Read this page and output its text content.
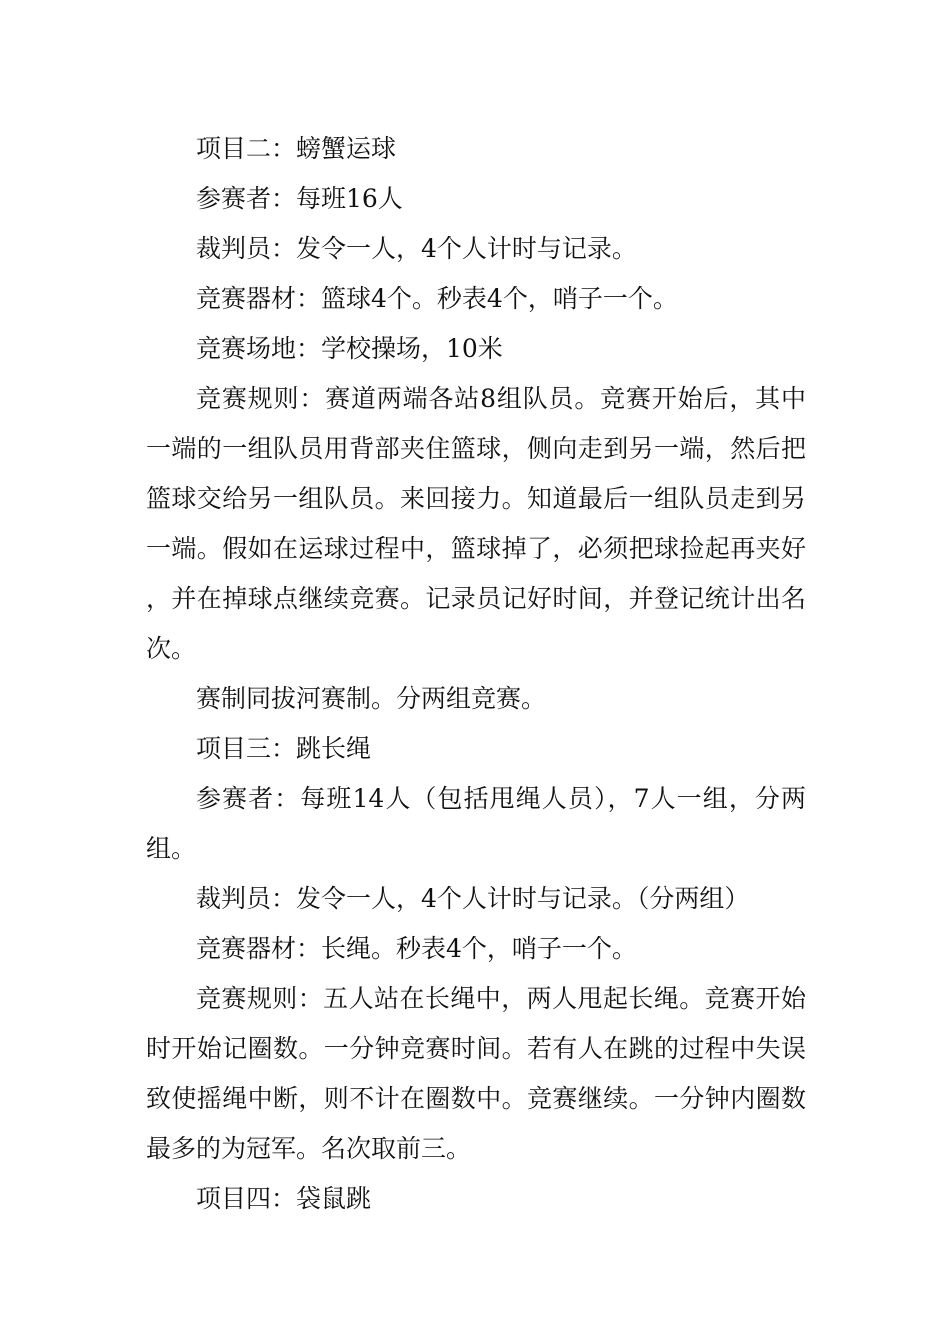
项目二：螃蟹运球

参赛者：每班16人

裁判员：发令一人，4个人计时与记录。

竞赛器材：篮球4个。秒表4个，哨子一个。

竞赛场地：学校操场，10米

竞赛规则：赛道两端各站8组队员。竞赛开始后，其中一端的一组队员用背部夹住篮球，侧向走到另一端，然后把篮球交给另一组队员。来回接力。知道最后一组队员走到另一端。假如在运球过程中，篮球掉了，必须把球捡起再夹好，并在掉球点继续竞赛。记录员记好时间，并登记统计出名次。

赛制同拔河赛制。分两组竞赛。

项目三：跳长绳

参赛者：每班14人（包括甩绳人员），7人一组，分两组。

裁判员：发令一人，4个人计时与记录。（分两组）

竞赛器材：长绳。秒表4个，哨子一个。

竞赛规则：五人站在长绳中，两人甩起长绳。竞赛开始时开始记圈数。一分钟竞赛时间。若有人在跳的过程中失误致使摇绳中断，则不计在圈数中。竞赛继续。一分钟内圈数最多的为冠军。名次取前三。

项目四：袋鼠跳
